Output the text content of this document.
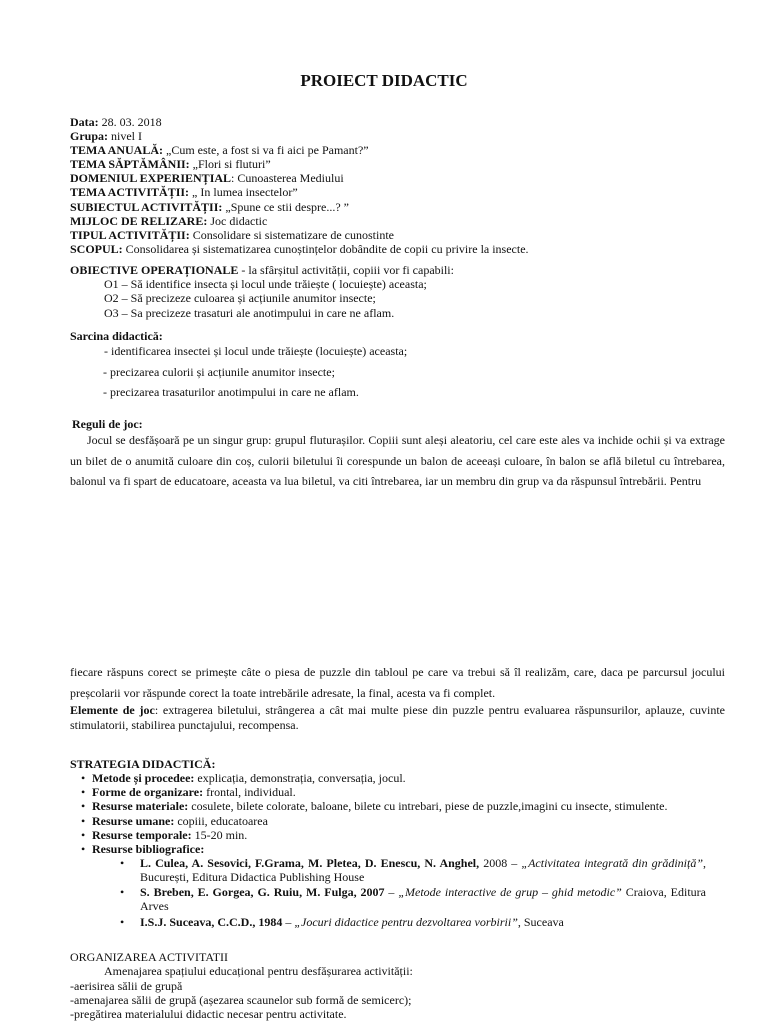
PROIECT DIDACTIC
Data: 28. 03. 2018
Grupa: nivel I
TEMA ANUALĂ: „Cum este, a fost si va fi aici pe Pamant?”
TEMA SĂPTĂMÂNII: „Flori si fluturi”
DOMENIUL EXPERIENȚIAL: Cunoasterea Mediului
TEMA ACTIVITĂȚII: „ In lumea insectelor”
SUBIECTUL ACTIVITĂȚII: „Spune ce stii despre...? ”
MIJLOC DE RELIZARE: Joc didactic
TIPUL ACTIVITĂȚII: Consolidare si sistematizare de cunostinte
SCOPUL: Consolidarea și sistematizarea cunoștințelor dobândite de copii cu privire la insecte.
OBIECTIVE OPERAȚIONALE - la sfârșitul activității, copiii vor fi capabili:
O1 – Să identifice insecta și locul unde trăiește ( locuiește) aceasta;
O2 – Să precizeze culoarea și acțiunile anumitor insecte;
O3 – Sa precizeze trasaturi ale anotimpului in care ne aflam.
Sarcina didactică:
- identificarea insectei și locul unde trăiește (locuiește) aceasta;
- precizarea culorii și acțiunile anumitor insecte;
- precizarea trasaturilor anotimpului in care ne aflam.
Reguli de joc:
Jocul se desfășoară pe un singur grup: grupul fluturașilor. Copiii sunt aleși aleatoriu, cel care este ales va inchide ochii și va extrage un bilet de o anumită culoare din coș, culorii biletului îi corespunde un balon de aceeași culoare, în balon se află biletul cu întrebarea, balonul va fi spart de educatoare, aceasta va lua biletul, va citi întrebarea, iar un membru din grup va da răspunsul întrebării. Pentru
fiecare răspuns corect se primește câte o piesa de puzzle din tabloul pe care va trebui să îl realizăm, care, daca pe parcursul jocului preșcolarii vor răspunde corect la toate intrebările adresate, la final, acesta va fi complet.
Elemente de joc: extragerea biletului, strângerea a cât mai multe piese din puzzle pentru evaluarea răspunsurilor, aplauze, cuvinte stimulatorii, stabilirea punctajului, recompensa.
STRATEGIA DIDACTICĂ:
• Metode și procedee: explicația, demonstrația, conversația, jocul.
• Forme de organizare: frontal, individual.
• Resurse materiale: cosulete, bilete colorate, baloane, bilete cu intrebari, piese de puzzle,imagini cu insecte, stimulente.
• Resurse umane: copiii, educatoarea
• Resurse temporale: 15-20 min.
• Resurse bibliografice:
• L. Culea, A. Sesovici, F.Grama, M. Pletea, D. Enescu, N. Anghel, 2008 – „Activitatea integrată din grădiniță”, București, Editura Didactica Publishing House
• S. Breben, E. Gorgea, G. Ruiu, M. Fulga, 2007 – „Metode interactive de grup – ghid metodic” Craiova, Editura Arves
• I.S.J. Suceava, C.C.D., 1984 – „Jocuri didactice pentru dezvoltarea vorbirii”, Suceava
ORGANIZAREA ACTIVITATII
Amenajarea spațiului educațional pentru desfășurarea activității:
-aerisirea sălii de grupă
-amenajarea sălii de grupă (așezarea scaunelor sub formă de semicerc);
-pregătirea materialului didactic necesar pentru activitate.
